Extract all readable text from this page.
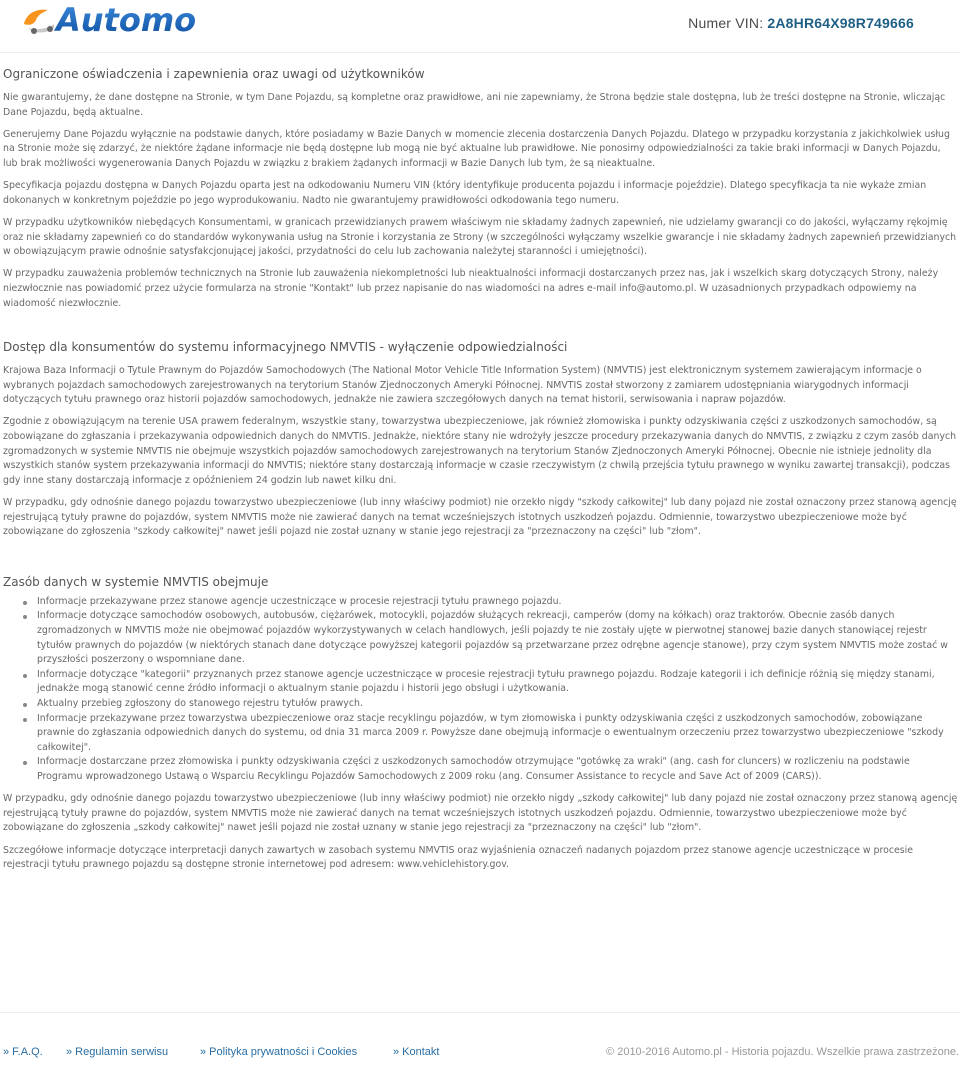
Automo	Numer VIN: 2A8HR64X98R749666
Ograniczone oświadczenia i zapewnienia oraz uwagi od użytkowników

Nie gwarantujemy, że dane dostępne na Stronie, w tym Dane Pojazdu, są kompletne oraz prawidłowe, ani nie zapewniamy, że Strona będzie stale dostępna, lub że treści dostępne na Stronie, wliczając Dane Pojazdu, będą aktualne.

Generujemy Dane Pojazdu wyłącznie na podstawie danych, które posiadamy w Bazie Danych w momencie zlecenia dostarczenia Danych Pojazdu. Dlatego w przypadku korzystania z jakichkolwiek usług na Stronie może się zdarzyć, że niektóre żądane informacje nie będą dostępne lub mogą nie być aktualne lub prawidłowe. Nie ponosimy odpowiedzialności za takie braki informacji w Danych Pojazdu, lub brak możliwości wygenerowania Danych Pojazdu w związku z brakiem żądanych informacji w Bazie Danych lub tym, że są nieaktualne.

Specyfikacja pojazdu dostępna w Danych Pojazdu oparta jest na odkodowaniu Numeru VIN (który identyfikuje producenta pojazdu i informacje pojeździe). Dlatego specyfikacja ta nie wykaże zmian dokonanych w konkretnym pojeździe po jego wyprodukowaniu. Nadto nie gwarantujemy prawidłowości odkodowania tego numeru.

W przypadku użytkowników niebędących Konsumentami, w granicach przewidzianych prawem właściwym nie składamy żadnych zapewnień, nie udzielamy gwarancji co do jakości, wyłączamy rękojmię oraz nie składamy zapewnień co do standardów wykonywania usług na Stronie i korzystania ze Strony (w szczególności wyłączamy wszelkie gwarancje i nie składamy żadnych zapewnień przewidzianych w obowiązującym prawie odnośnie satysfakcjonującej jakości, przydatności do celu lub zachowania należytej staranności i umiejętności).

W przypadku zauważenia problemów technicznych na Stronie lub zauważenia niekompletności lub nieaktualności informacji dostarczanych przez nas, jak i wszelkich skarg dotyczących Strony, należy niezwłocznie nas powiadomić przez użycie formularza na stronie "Kontakt" lub przez napisanie do nas wiadomości na adres e-mail info@automo.pl. W uzasadnionych przypadkach odpowiemy na wiadomość niezwłocznie.

Dostęp dla konsumentów do systemu informacyjnego NMVTIS - wyłączenie odpowiedzialności

Krajowa Baza Informacji o Tytule Prawnym do Pojazdów Samochodowych (The National Motor Vehicle Title Information System) (NMVTIS) jest elektronicznym systemem zawierającym informacje o wybranych pojazdach samochodowych zarejestrowanych na terytorium Stanów Zjednoczonych Ameryki Północnej. NMVTIS został stworzony z zamiarem udostępniania wiarygodnych informacji dotyczących tytułu prawnego oraz historii pojazdów samochodowych, jednakże nie zawiera szczegółowych danych na temat historii, serwisowania i napraw pojazdów.

Zgodnie z obowiązującym na terenie USA prawem federalnym, wszystkie stany, towarzystwa ubezpieczeniowe, jak również złomowiska i punkty odzyskiwania części z uszkodzonych samochodów, są zobowiązane do zgłaszania i przekazywania odpowiednich danych do NMVTIS. Jednakże, niektóre stany nie wdrożyły jeszcze procedury przekazywania danych do NMVTIS, z związku z czym zasób danych zgromadzonych w systemie NMVTIS nie obejmuje wszystkich pojazdów samochodowych zarejestrowanych na terytorium Stanów Zjednoczonych Ameryki Północnej. Obecnie nie istnieje jednolity dla wszystkich stanów system przekazywania informacji do NMVTIS; niektóre stany dostarczają informacje w czasie rzeczywistym (z chwilą przejścia tytułu prawnego w wyniku zawartej transakcji), podczas gdy inne stany dostarczają informacje z opóźnieniem 24 godzin lub nawet kilku dni.

W przypadku, gdy odnośnie danego pojazdu towarzystwo ubezpieczeniowe (lub inny właściwy podmiot) nie orzekło nigdy "szkody całkowitej" lub dany pojazd nie został oznaczony przez stanową agencję rejestrującą tytuły prawne do pojazdów, system NMVTIS może nie zawierać danych na temat wcześniejszych istotnych uszkodzeń pojazdu. Odmiennie, towarzystwo ubezpieczeniowe może być zobowiązane do zgłoszenia "szkody całkowitej" nawet jeśli pojazd nie został uznany w stanie jego rejestracji za "przeznaczony na części" lub "złom".

Zasób danych w systemie NMVTIS obejmuje
Informacje przekazywane przez stanowe agencje uczestniczące w procesie rejestracji tytułu prawnego pojazdu.
Informacje dotyczące samochodów osobowych, autobusów, ciężarówek, motocykli, pojazdów służących rekreacji, camperów (domy na kółkach) oraz traktorów. Obecnie zasób danych zgromadzonych w NMVTIS może nie obejmować pojazdów wykorzystywanych w celach handlowych, jeśli pojazdy te nie zostały ujęte w pierwotnej stanowej bazie danych stanowiącej rejestr tytułów prawnych do pojazdów (w niektórych stanach dane dotyczące powyższej kategorii pojazdów są przetwarzane przez odrębne agencje stanowe), przy czym system NMVTIS może zostać w przyszłości poszerzony o wspomniane dane.
Informacje dotyczące "kategorii" przyznanych przez stanowe agencje uczestniczące w procesie rejestracji tytułu prawnego pojazdu. Rodzaje kategorii i ich definicje różnią się między stanami, jednakże mogą stanowić cenne źródło informacji o aktualnym stanie pojazdu i historii jego obsługi i użytkowania.
Aktualny przebieg zgłoszony do stanowego rejestru tytułów prawych.
Informacje przekazywane przez towarzystwa ubezpieczeniowe oraz stacje recyklingu pojazdów, w tym złomowiska i punkty odzyskiwania części z uszkodzonych samochodów, zobowiązane prawnie do zgłaszania odpowiednich danych do systemu, od dnia 31 marca 2009 r. Powyższe dane obejmują informacje o ewentualnym orzeczeniu przez towarzystwo ubezpieczeniowe "szkody całkowitej".
Informacje dostarczane przez złomowiska i punkty odzyskiwania części z uszkodzonych samochodów otrzymujące "gotówkę za wraki" (ang. cash for cluncers) w rozliczeniu na podstawie Programu wprowadzonego Ustawą o Wsparciu Recyklingu Pojazdów Samochodowych z 2009 roku (ang. Consumer Assistance to recycle and Save Act of 2009 (CARS)).

W przypadku, gdy odnośnie danego pojazdu towarzystwo ubezpieczeniowe (lub inny właściwy podmiot) nie orzekło nigdy „szkody całkowitej" lub dany pojazd nie został oznaczony przez stanową agencję rejestrującą tytuły prawne do pojazdów, system NMVTIS może nie zawierać danych na temat wcześniejszych istotnych uszkodzeń pojazdu. Odmiennie, towarzystwo ubezpieczeniowe może być zobowiązane do zgłoszenia „szkody całkowitej" nawet jeśli pojazd nie został uznany w stanie jego rejestracji za "przeznaczony na części" lub "złom".

Szczegółowe informacje dotyczące interpretacji danych zawartych w zasobach systemu NMVTIS oraz wyjaśnienia oznaczeń nadanych pojazdom przez stanowe agencje uczestniczące w procesie rejestracji tytułu prawnego pojazdu są dostępne stronie internetowej pod adresem: www.vehiclehistory.gov.

» F.A.Q. » Regulamin serwisu	» Polityka prywatności i Cookies	» Kontakt	© 2010-2016 Automo.pl - Historia pojazdu. Wszelkie prawa zastrzeżone.
